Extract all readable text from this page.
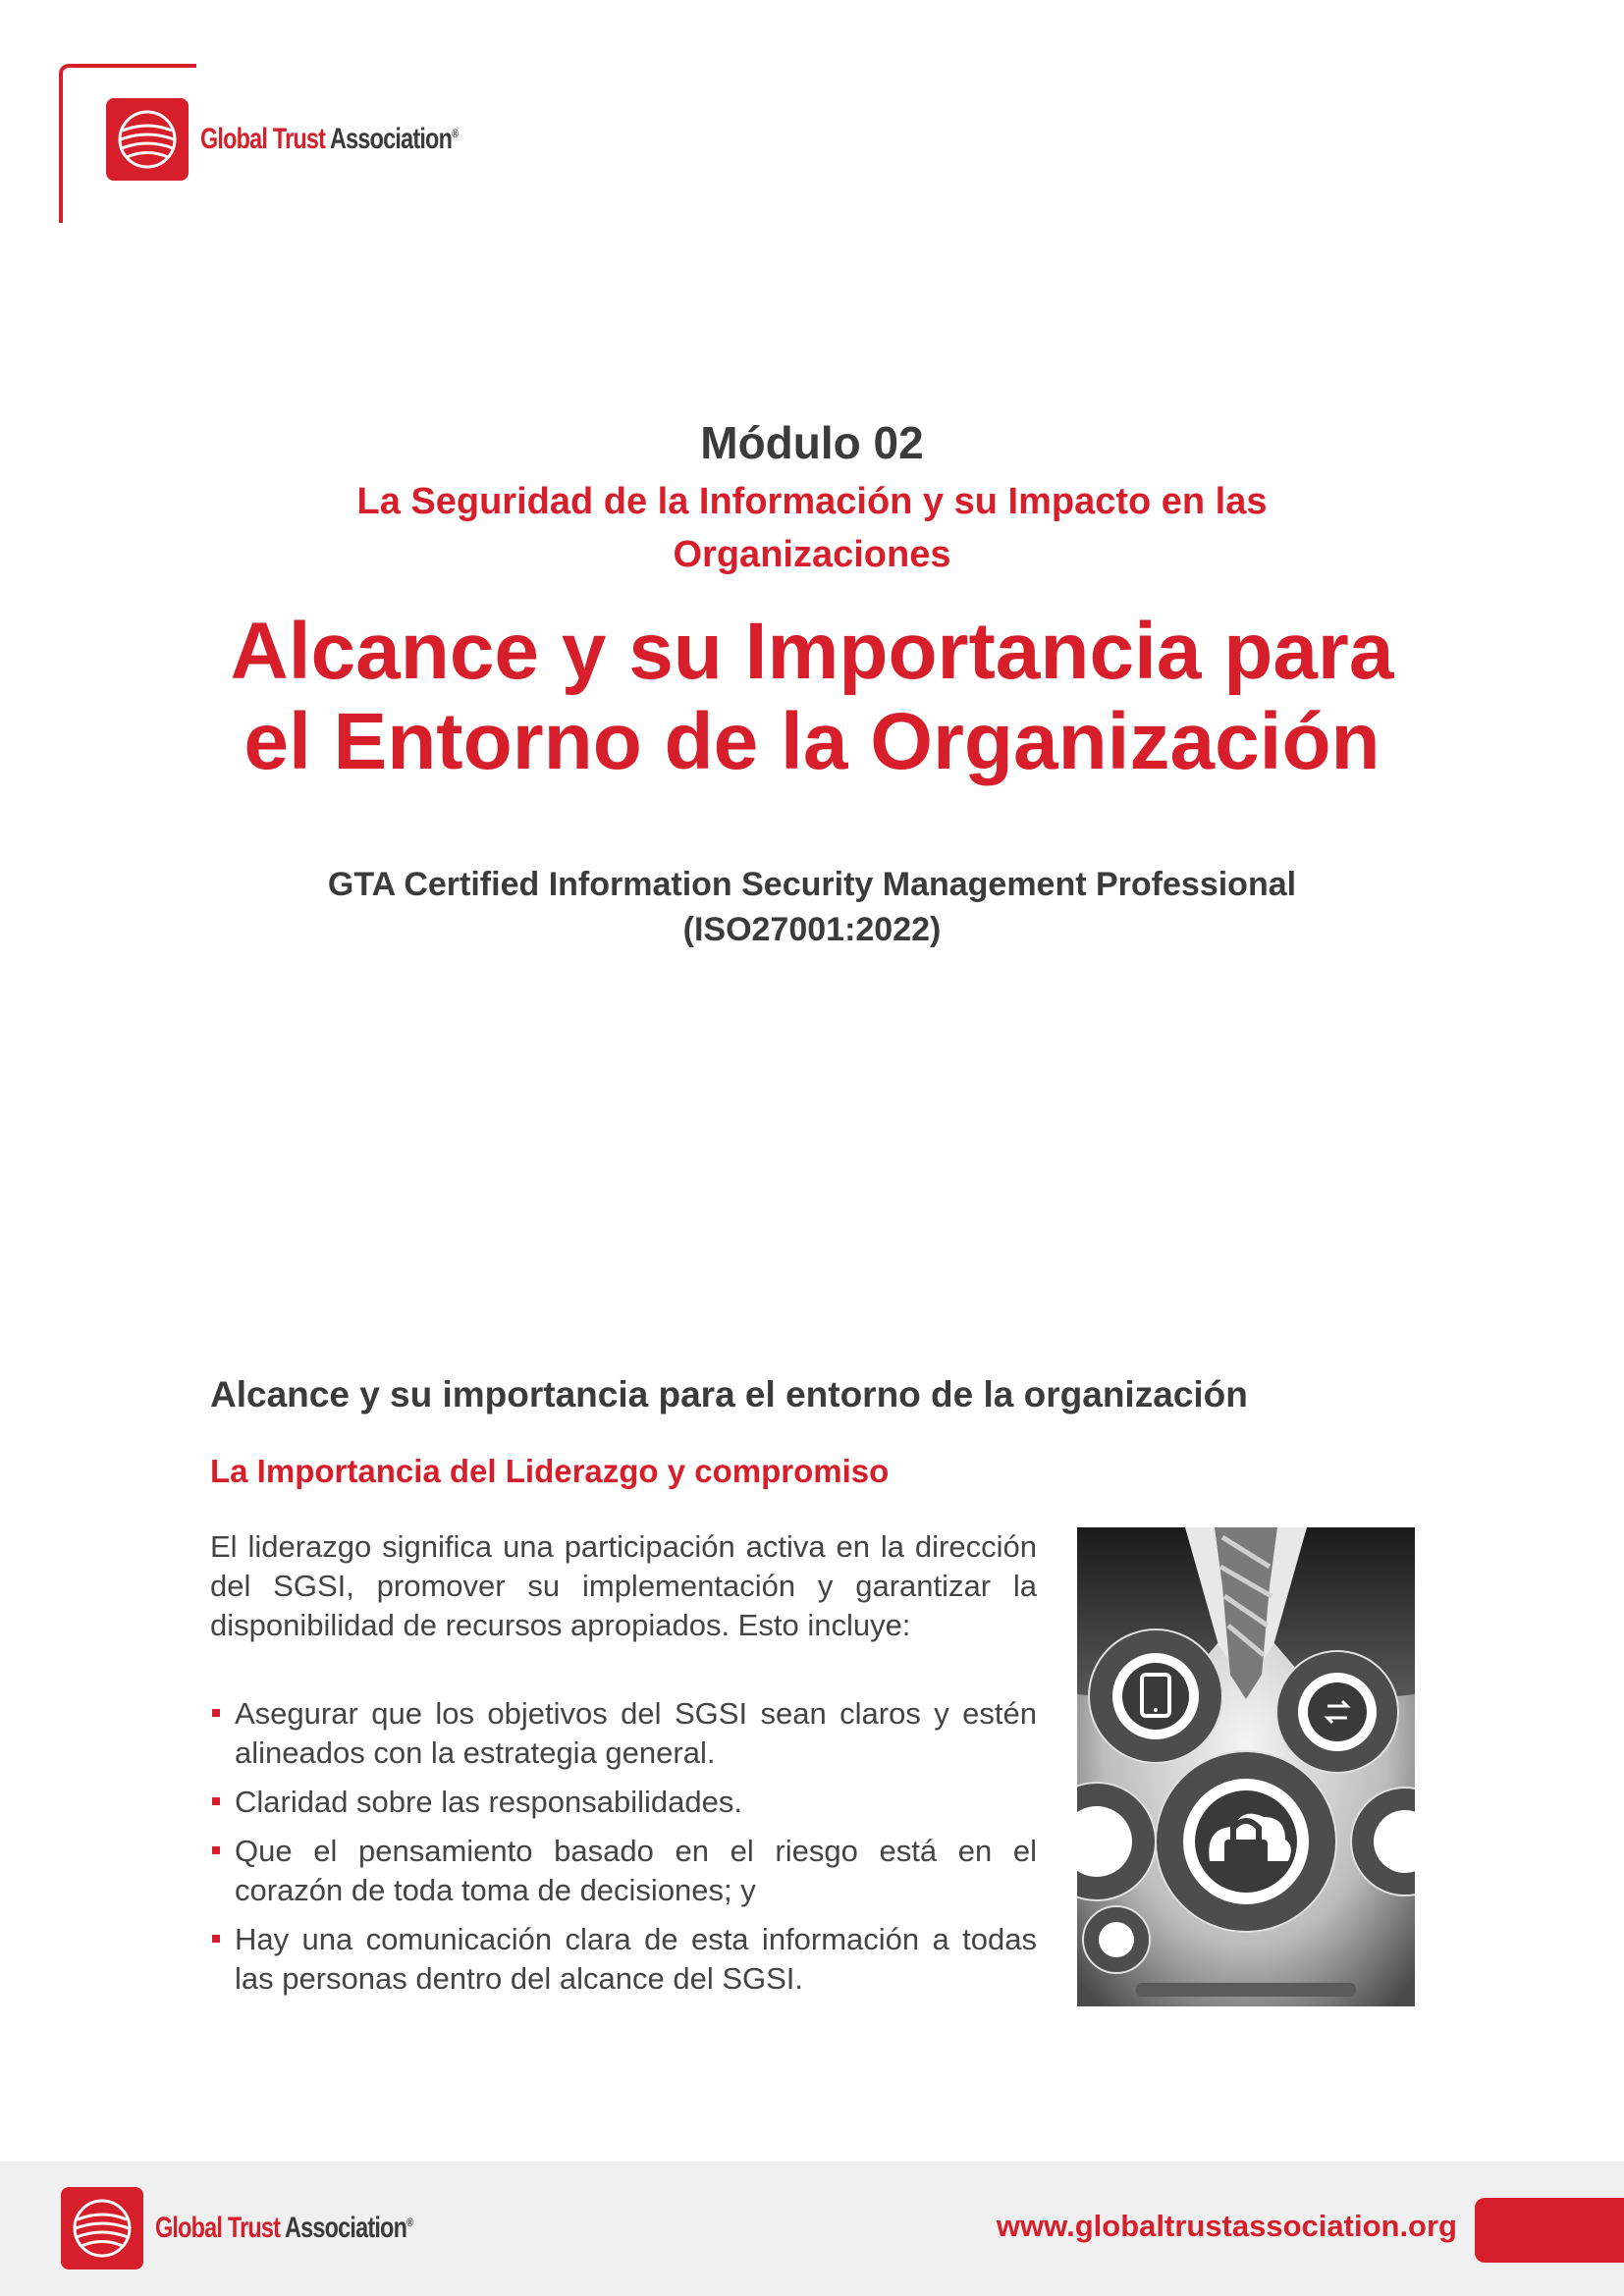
Global Trust Association®
Módulo 02
La Seguridad de la Información y su Impacto en las
Organizaciones
Alcance y su Importancia para
el Entorno de la Organización
GTA Certified Information Security Management Professional
(ISO27001:2022)
Alcance y su importancia para el entorno de la organización
La Importancia del Liderazgo y compromiso
El liderazgo significa una participación activa en la dirección del SGSI, promover su implementación y garantizar la disponibilidad de recursos apropiados. Esto incluye:
Asegurar que los objetivos del SGSI sean claros y estén alineados con la estrategia general.
Claridad sobre las responsabilidades.
Que el pensamiento basado en el riesgo está en el corazón de toda toma de decisiones; y
Hay una comunicación clara de esta información a todas las personas dentro del alcance del SGSI.
Global Trust Association®	www.globaltrustassociation.org
